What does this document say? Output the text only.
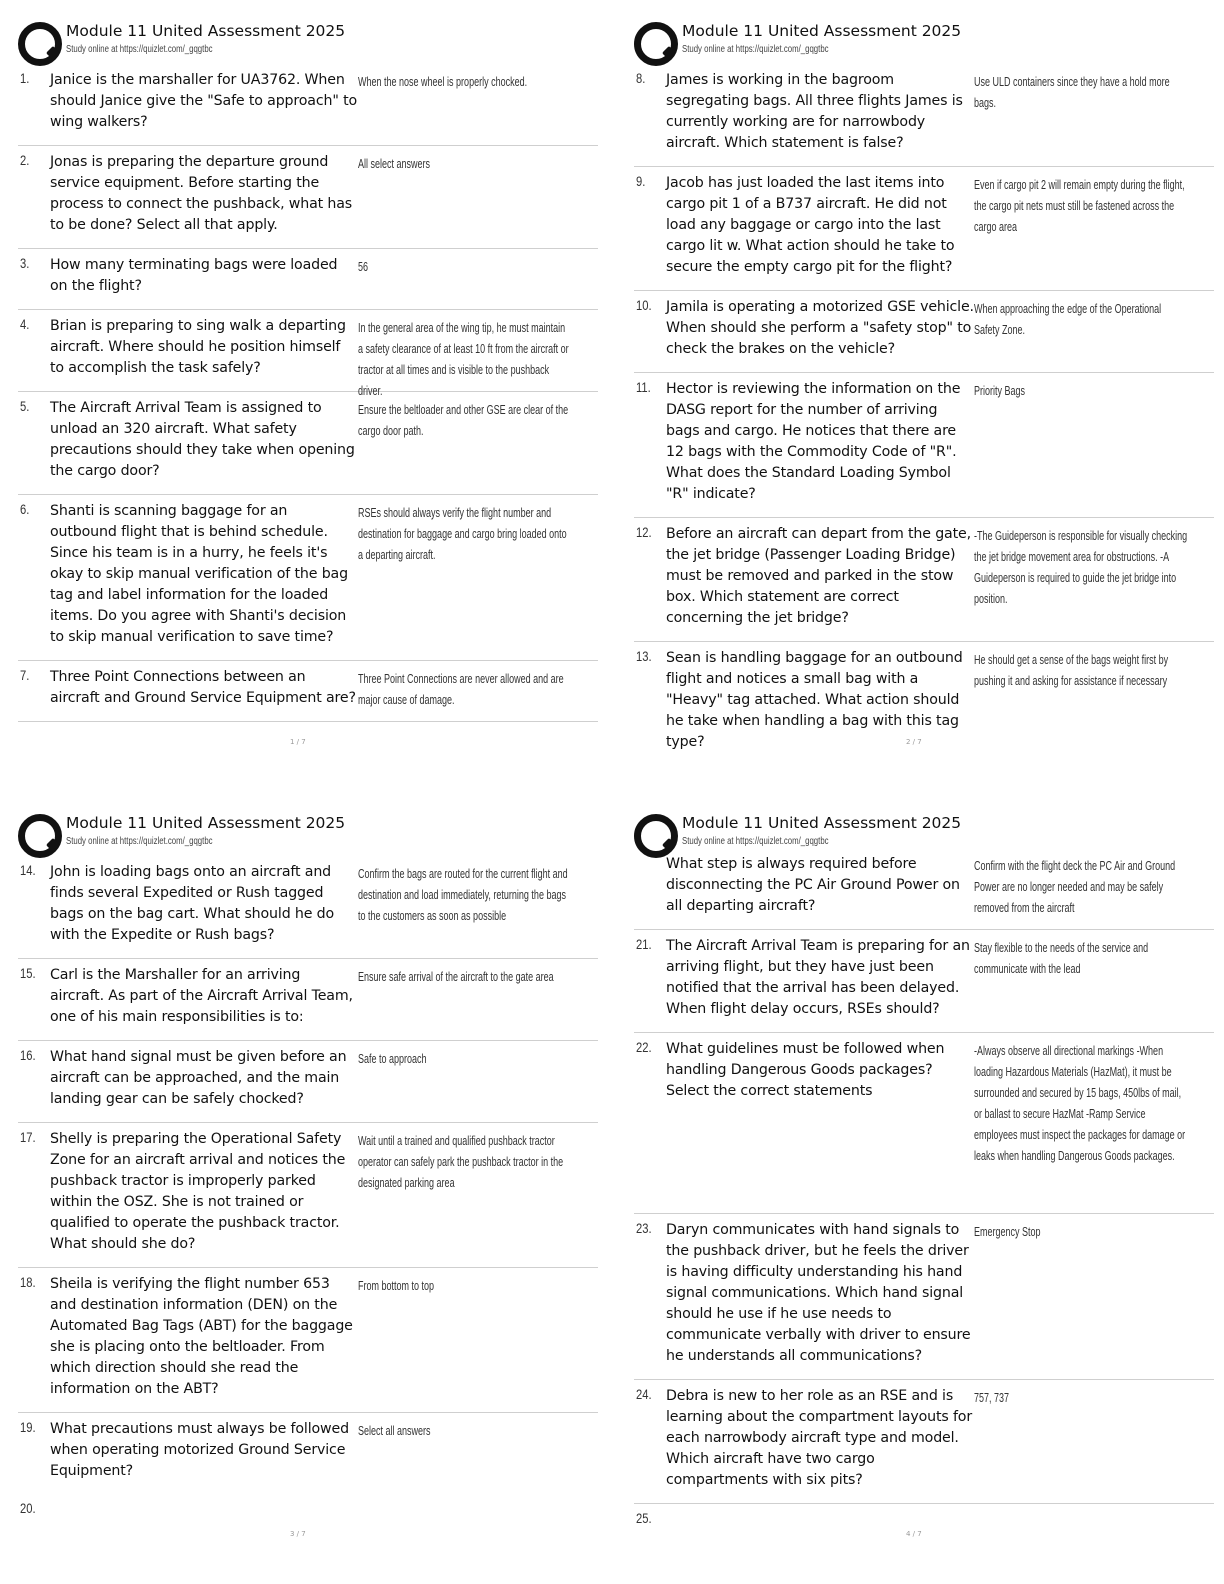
Module 11 United Assessment 2025
Study online at https://quizlet.com/_gqgtbc
1. Janice is the marshaller for UA3762. When should Janice give the "Safe to approach" to wing walkers?
When the nose wheel is properly chocked.
2. Jonas is preparing the departure ground service equipment. Before starting the process to connect the pushback, what has to be done? Select all that apply.
All select answers
3. How many terminating bags were loaded on the flight?
56
4. Brian is preparing to sing walk a departing aircraft. Where should he position himself to accomplish the task safely?
In the general area of the wing tip, he must maintain a safety clearance of at least 10 ft from the aircraft or tractor at all times and is visible to the pushback driver.
5. The Aircraft Arrival Team is assigned to unload an 320 aircraft. What safety precautions should they take when opening the cargo door?
Ensure the beltloader and other GSE are clear of the cargo door path.
6. Shanti is scanning baggage for an outbound flight that is behind schedule. Since his team is in a hurry, he feels it's okay to skip manual verification of the bag tag and label information for the loaded items. Do you agree with Shanti's decision to skip manual verification to save time?
RSEs should always verify the flight number and destination for baggage and cargo bring loaded onto a departing aircraft.
7. Three Point Connections between an aircraft and Ground Service Equipment are?
Three Point Connections are never allowed and are major cause of damage.
1 / 7
Module 11 United Assessment 2025
Study online at https://quizlet.com/_gqgtbc
8. James is working in the bagroom segregating bags. All three flights James is currently working are for narrowbody aircraft. Which statement is false?
Use ULD containers since they have a hold more bags.
9. Jacob has just loaded the last items into cargo pit 1 of a B737 aircraft. He did not load any baggage or cargo into the last cargo lit w. What action should he take to secure the empty cargo pit for the flight?
Even if cargo pit 2 will remain empty during the flight, the cargo pit nets must still be fastened across the cargo area
10. Jamila is operating a motorized GSE vehicle. When should she perform a "safety stop" to check the brakes on the vehicle?
When approaching the edge of the Operational Safety Zone.
11. Hector is reviewing the information on the DASG report for the number of arriving bags and cargo. He notices that there are 12 bags with the Commodity Code of "R". What does the Standard Loading Symbol "R" indicate?
Priority Bags
12. Before an aircraft can depart from the gate, the jet bridge (Passenger Loading Bridge) must be removed and parked in the stow box. Which statement are correct concerning the jet bridge?
-The Guideperson is responsible for visually checking the jet bridge movement area for obstructions. -A Guideperson is required to guide the jet bridge into position.
13. Sean is handling baggage for an outbound flight and notices a small bag with a "Heavy" tag attached. What action should he take when handling a bag with this tag type?
He should get a sense of the bags weight first by pushing it and asking for assistance if necessary
2 / 7
Module 11 United Assessment 2025
Study online at https://quizlet.com/_gqgtbc
14. John is loading bags onto an aircraft and finds several Expedited or Rush tagged bags on the bag cart. What should he do with the Expedite or Rush bags?
Confirm the bags are routed for the current flight and destination and load immediately, returning the bags to the customers as soon as possible
15. Carl is the Marshaller for an arriving aircraft. As part of the Aircraft Arrival Team, one of his main responsibilities is to:
Ensure safe arrival of the aircraft to the gate area
16. What hand signal must be given before an aircraft can be approached, and the main landing gear can be safely chocked?
Safe to approach
17. Shelly is preparing the Operational Safety Zone for an aircraft arrival and notices the pushback tractor is improperly parked within the OSZ. She is not trained or qualified to operate the pushback tractor. What should she do?
Wait until a trained and qualified pushback tractor operator can safely park the pushback tractor in the designated parking area
18. Sheila is verifying the flight number 653 and destination information (DEN) on the Automated Bag Tags (ABT) for the baggage she is placing onto the beltloader. From which direction should she read the information on the ABT?
From bottom to top
19. What precautions must always be followed when operating motorized Ground Service Equipment?
Select all answers
20.
3 / 7
Module 11 United Assessment 2025
Study online at https://quizlet.com/_gqgtbc
What step is always required before disconnecting the PC Air Ground Power on all departing aircraft?
Confirm with the flight deck the PC Air and Ground Power are no longer needed and may be safely removed from the aircraft
21. The Aircraft Arrival Team is preparing for an arriving flight, but they have just been notified that the arrival has been delayed. When flight delay occurs, RSEs should?
Stay flexible to the needs of the service and communicate with the lead
22. What guidelines must be followed when handling Dangerous Goods packages? Select the correct statements
-Always observe all directional markings -When loading Hazardous Materials (HazMat), it must be surrounded and secured by 15 bags, 450lbs of mail, or ballast to secure HazMat -Ramp Service employees must inspect the packages for damage or leaks when handling Dangerous Goods packages.
23. Daryn communicates with hand signals to the pushback driver, but he feels the driver is having difficulty understanding his hand signal communications. Which hand signal should he use if he use needs to communicate verbally with driver to ensure he understands all communications?
Emergency Stop
24. Debra is new to her role as an RSE and is learning about the compartment layouts for each narrowbody aircraft type and model. Which aircraft have two cargo compartments with six pits?
757, 737
25.
4 / 7
